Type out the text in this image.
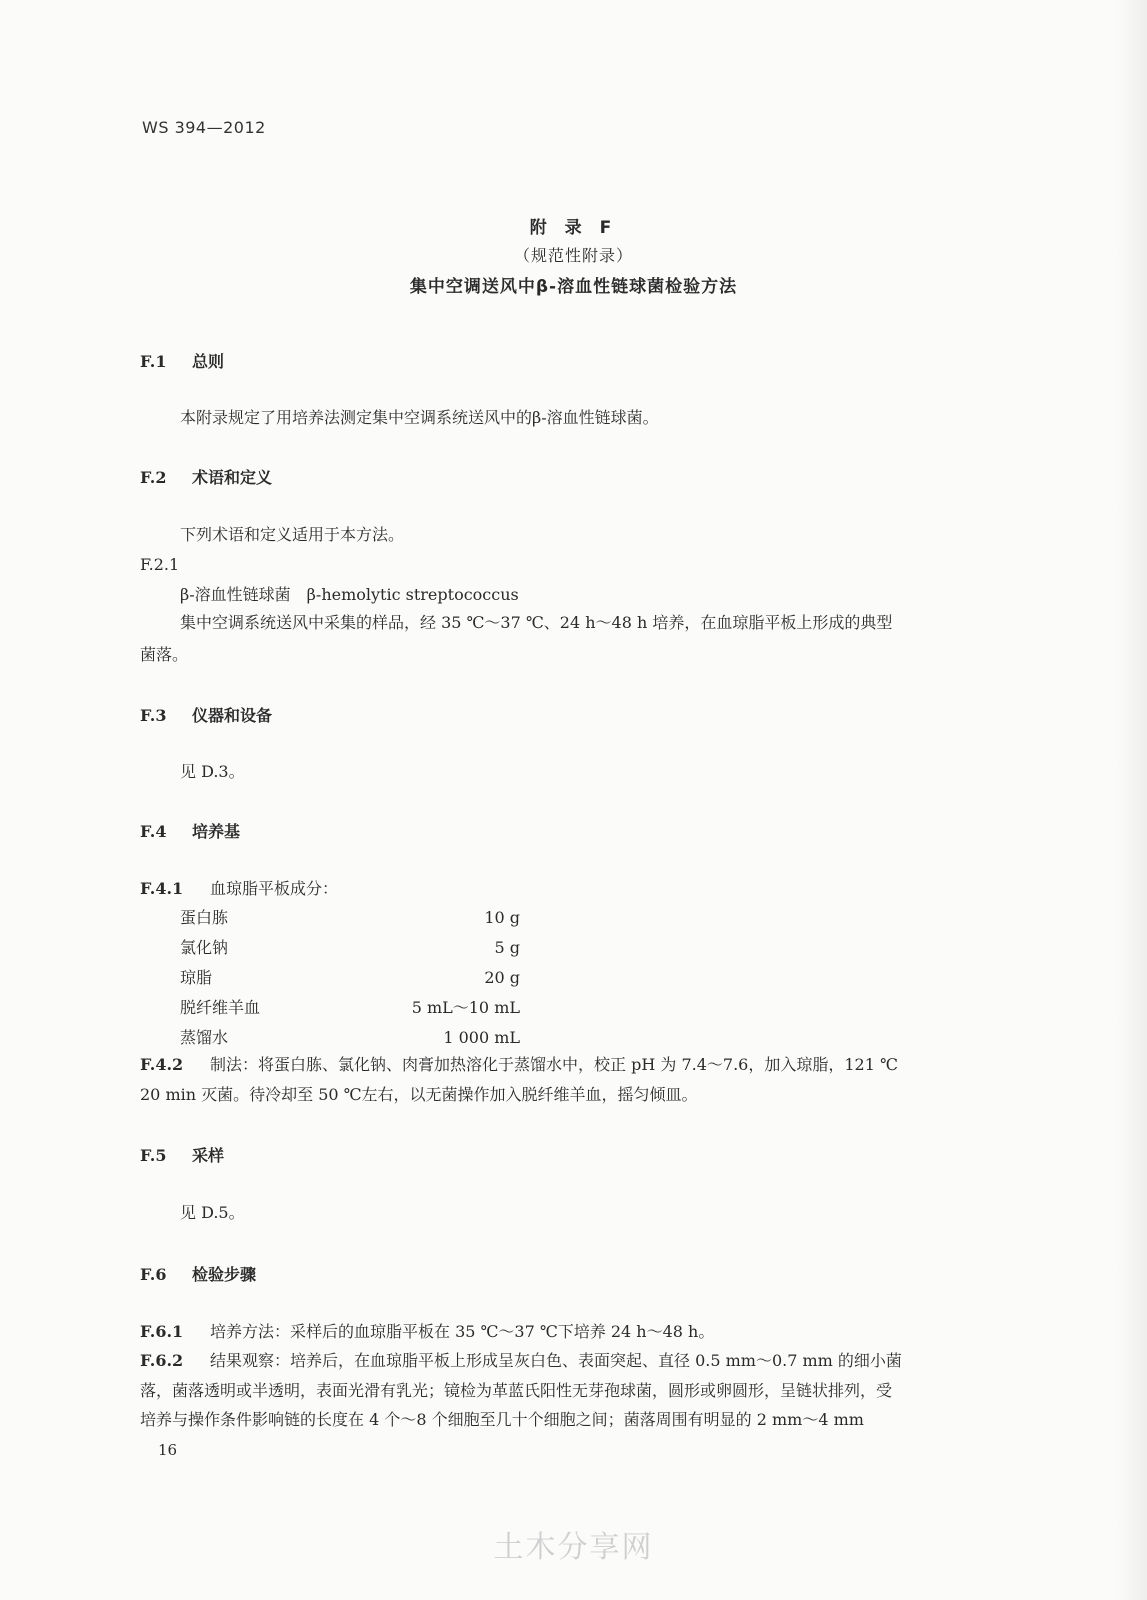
WS 394—2012
附 录 F
（规范性附录）
集中空调送风中β-溶血性链球菌检验方法
F.1 总则
本附录规定了用培养法测定集中空调系统送风中的β-溶血性链球菌。
F.2 术语和定义
下列术语和定义适用于本方法。
F.2.1
β-溶血性链球菌　β-hemolytic streptococcus
集中空调系统送风中采集的样品，经 35 ℃～37 ℃、24 h～48 h 培养，在血琼脂平板上形成的典型
菌落。
F.3 仪器和设备
见 D.3。
F.4 培养基
F.4.1 血琼脂平板成分：
蛋白胨	10 g
氯化钠	5 g
琼脂	20 g
脱纤维羊血	5 mL～10 mL
蒸馏水	1 000 mL
F.4.2 制法：将蛋白胨、氯化钠、肉膏加热溶化于蒸馏水中，校正 pH 为 7.4～7.6，加入琼脂，121 ℃
20 min 灭菌。待冷却至 50 ℃左右，以无菌操作加入脱纤维羊血，摇匀倾皿。
F.5 采样
见 D.5。
F.6 检验步骤
F.6.1 培养方法：采样后的血琼脂平板在 35 ℃～37 ℃下培养 24 h～48 h。
F.6.2 结果观察：培养后，在血琼脂平板上形成呈灰白色、表面突起、直径 0.5 mm～0.7 mm 的细小菌
落，菌落透明或半透明，表面光滑有乳光；镜检为革蓝氏阳性无芽孢球菌，圆形或卵圆形，呈链状排列，受
培养与操作条件影响链的长度在 4 个～8 个细胞至几十个细胞之间；菌落周围有明显的 2 mm～4 mm
16
土木分享网
